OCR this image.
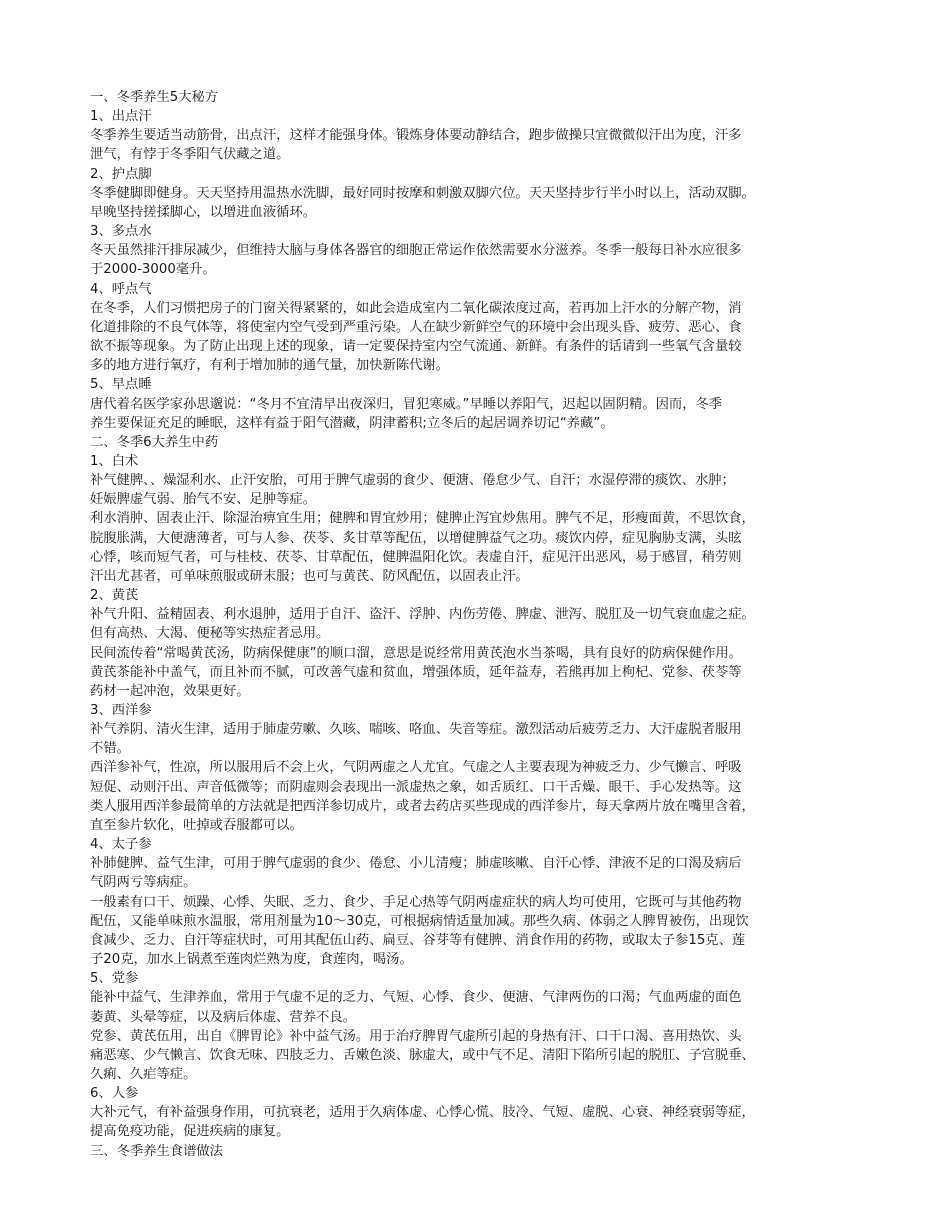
一、冬季养生5大秘方
1、出点汗
冬季养生要适当动筋骨，出点汗，这样才能强身体。锻炼身体要动静结合，跑步做操只宜微微似汗出为度，汗多
泄气，有悖于冬季阳气伏藏之道。
2、护点脚
冬季健脚即健身。天天坚持用温热水洗脚，最好同时按摩和刺激双脚穴位。天天坚持步行半小时以上，活动双脚。
早晚坚持搓揉脚心，以增进血液循环。
3、多点水
冬天虽然排汗排尿减少，但维持大脑与身体各器官的细胞正常运作依然需要水分滋养。冬季一般每日补水应很多
于2000-3000毫升。
4、呼点气
在冬季，人们习惯把房子的门窗关得紧紧的，如此会造成室内二氧化碳浓度过高，若再加上汗水的分解产物，消
化道排除的不良气体等，将使室内空气受到严重污染。人在缺少新鲜空气的环境中会出现头昏、疲劳、恶心、食
欲不振等现象。为了防止出现上述的现象，请一定要保持室内空气流通、新鲜。有条件的话请到一些氧气含量较
多的地方进行氧疗，有利于增加肺的通气量，加快新陈代谢。
5、早点睡
唐代着名医学家孙思邈说：“冬月不宜清早出夜深归，冒犯寒威。”早睡以养阳气，迟起以固阴精。因而，冬季
养生要保证充足的睡眠，这样有益于阳气潜藏，阴津蓄积;立冬后的起居调养切记“养藏”。
二、冬季6大养生中药
1、白术
补气健脾、、燥湿利水、止汗安胎，可用于脾气虚弱的食少、便溏、倦怠少气、自汗；水湿停滞的痰饮、水肿；
妊娠脾虚气弱、胎气不安、足肿等症。
利水消肿、固表止汗、除湿治痹宜生用；健脾和胃宜炒用；健脾止泻宜炒焦用。脾气不足，形瘦面黄，不思饮食，
脘腹胀满，大便溏薄者，可与人参、茯苓、炙甘草等配伍，以增健脾益气之功。痰饮内停，症见胸胁支满，头眩
心悸，咳而短气者，可与桂枝、茯苓、甘草配伍，健脾温阳化饮。表虚自汗，症见汗出恶风，易于感冒，稍劳则
汗出尤甚者，可单味煎服或研末服；也可与黄芪、防风配伍，以固表止汗。
2、黄芪
补气升阳、益精固表、利水退肿，适用于自汗、盗汗、浮肿、内伤劳倦、脾虚、泄泻、脱肛及一切气衰血虚之症。
但有高热、大渴、便秘等实热症者忌用。
民间流传着“常喝黄芪汤，防病保健康”的顺口溜，意思是说经常用黄芪泡水当茶喝，具有良好的防病保健作用。
黄芪茶能补中盖气，而且补而不腻，可改善气虚和贫血，增强体质，延年益寿，若熊再加上枸杞、党参、茯苓等
药材一起冲泡，效果更好。
3、西洋参
补气养阴、清火生津，适用于肺虚劳嗽、久咳、喘咳、咯血、失音等症。激烈活动后疲劳乏力、大汗虚脱者服用
不错。
西洋参补气，性凉，所以服用后不会上火，气阴两虚之人尤宜。气虚之人主要表现为神疲乏力、少气懒言、呼吸
短促、动则汗出、声音低微等；而阴虚则会表现出一派虚热之象，如舌质红、口干舌燥、眼干、手心发热等。这
类人服用西洋参最简单的方法就是把西洋参切成片，或者去药店买些现成的西洋参片，每天拿两片放在嘴里含着，
直至参片软化，吐掉或吞服都可以。
4、太子参
补肺健脾、益气生津，可用于脾气虚弱的食少、倦怠、小儿清瘦；肺虚咳嗽、自汗心悸、津液不足的口渴及病后
气阴两亏等病症。
一般素有口干、烦躁、心悸、失眠、乏力、食少、手足心热等气阴两虚症状的病人均可使用，它既可与其他药物
配伍，又能单味煎水温服，常用剂量为10～30克，可根据病情适量加减。那些久病、体弱之人脾胃被伤，出现饮
食减少、乏力、自汗等症状时，可用其配伍山药、扁豆、谷芽等有健脾、消食作用的药物，或取太子参15克、莲
子20克，加水上锅煮至莲肉烂熟为度，食莲肉，喝汤。
5、党参
能补中益气、生津养血，常用于气虚不足的乏力、气短、心悸、食少、便溏、气津两伤的口渴；气血两虚的面色
萎黄、头晕等症，以及病后体虚、营养不良。
党参、黄芪伍用，出自《脾胃论》补中益气汤。用于治疗脾胃气虚所引起的身热有汗、口干口渴、喜用热饮、头
痛恶寒、少气懒言、饮食无味、四肢乏力、舌嫩色淡、脉虚大，或中气不足、清阳下陷所引起的脱肛、子宫脱垂、
久痢、久疟等症。
6、人参
大补元气，有补益强身作用，可抗衰老，适用于久病体虚、心悸心慌、肢冷、气短、虚脱、心衰、神经衰弱等症，
提高免疫功能，促进疾病的康复。
三、冬季养生食谱做法
